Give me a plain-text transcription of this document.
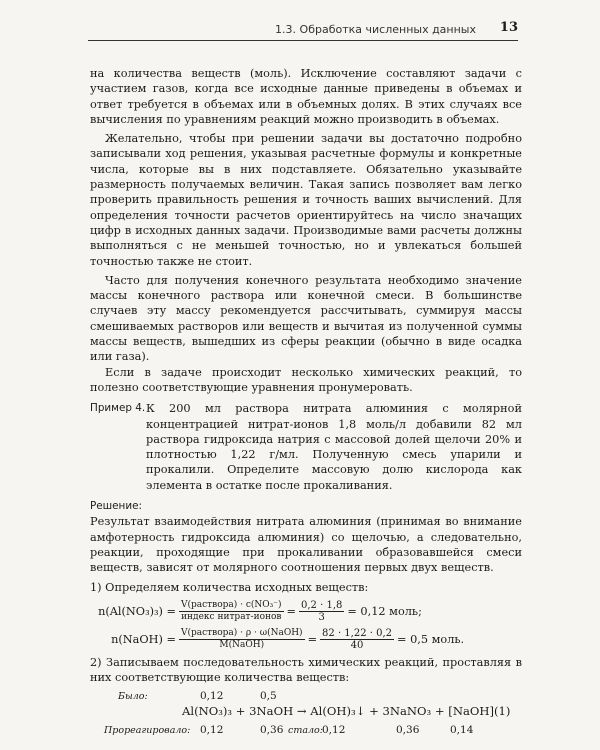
1.3. Обработка численных данных 13

на количества веществ (моль). Исключение составляют задачи с участием газов, когда все исходные данные приведены в объемах и ответ требуется в объемах или в объемных долях. В этих случаях все вычисления по уравнениям реакций можно производить в объемах.

Желательно, чтобы при решении задачи вы достаточно подробно записывали ход решения, указывая расчетные формулы и конкретные числа, которые вы в них подставляете. Обязательно указывайте размерность получаемых величин. Такая запись позволяет вам легко проверить правильность решения и точность ваших вычислений. Для определения точности расчетов ориентируйтесь на число значащих цифр в исходных данных задачи. Производимые вами расчеты должны выполняться с не меньшей точностью, но и увлекаться большей точностью также не стоит.

Часто для получения конечного результата необходимо значение массы конечного раствора или конечной смеси. В большинстве случаев эту массу рекомендуется рассчитывать, суммируя массы смешиваемых растворов или веществ и вычитая из полученной суммы массы веществ, вышедших из сферы реакции (обычно в виде осадка или газа).

Если в задаче происходит несколько химических реакций, то полезно соответствующие уравнения пронумеровать.

Пример 4. К 200 мл раствора нитрата алюминия с молярной концентрацией нитрат-ионов 1,8 моль/л добавили 82 мл раствора гидроксида натрия с массовой долей щелочи 20% и плотностью 1,22 г/мл. Полученную смесь упарили и прокалили. Определите массовую долю кислорода как элемента в остатке после прокаливания.

Решение:

Результат взаимодействия нитрата алюминия (принимая во внимание амфотерность гидроксида алюминия) со щелочью, а следовательно, реакции, проходящие при прокаливании образовавшейся смеси веществ, зависят от молярного соотношения первых двух веществ.

1) Определяем количества исходных веществ:

$n(Al(NO_3)_3) = \frac{\text{V(раствора) · c(NO₃⁻)}}{\text{индекс нитрат-ионов}} = \frac{0,2 \cdot 1,8}{3} = 0,12$ моль;
n(NaOH) = $\frac{\text{V(раствора) · ρ · ω(NaOH)}}{\text{M(NaOH)}} = \frac{82 \cdot 1,22 \cdot 0,2}{40} = 0,5$ моль.

2) Записываем последовательность химических реакций, проставляя в них соответствующие количества веществ:

Было:	0,12	0,5
Al(NO₃)₃ + 3NaOH → Al(OH)₃↓ + 3NaNO₃ + [NaOH] (1)
Прореагировало: 0,12	0,36 стало: 0,12	0,36	0,14
